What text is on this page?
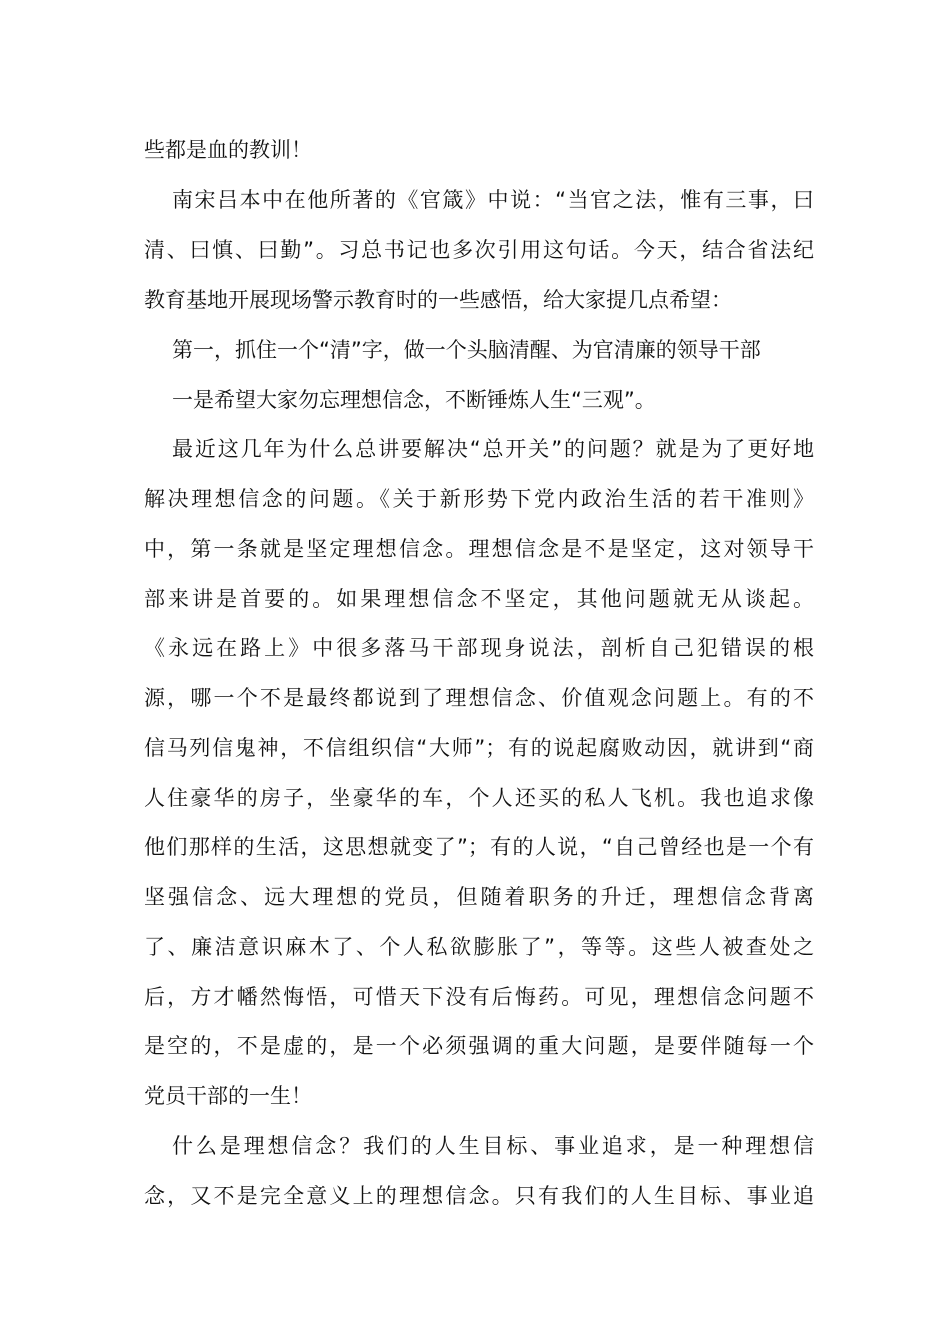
些都是血的教训！
南宋吕本中在他所著的《官箴》中说：“当官之法，惟有三事，曰
清、曰慎、曰勤”。习总书记也多次引用这句话。今天，结合省法纪
教育基地开展现场警示教育时的一些感悟，给大家提几点希望：
第一，抓住一个“清”字，做一个头脑清醒、为官清廉的领导干部
一是希望大家勿忘理想信念，不断锤炼人生“三观”。
最近这几年为什么总讲要解决“总开关”的问题？就是为了更好地
解决理想信念的问题。《关于新形势下党内政治生活的若干准则》
中，第一条就是坚定理想信念。理想信念是不是坚定，这对领导干
部来讲是首要的。如果理想信念不坚定，其他问题就无从谈起。
《永远在路上》中很多落马干部现身说法，剖析自己犯错误的根
源，哪一个不是最终都说到了理想信念、价值观念问题上。有的不
信马列信鬼神，不信组织信“大师”；有的说起腐败动因，就讲到“商
人住豪华的房子，坐豪华的车，个人还买的私人飞机。我也追求像
他们那样的生活，这思想就变了”；有的人说，“自己曾经也是一个有
坚强信念、远大理想的党员，但随着职务的升迁，理想信念背离
了、廉洁意识麻木了、个人私欲膨胀了”，等等。这些人被查处之
后，方才幡然悔悟，可惜天下没有后悔药。可见，理想信念问题不
是空的，不是虚的，是一个必须强调的重大问题，是要伴随每一个
党员干部的一生！
什么是理想信念？我们的人生目标、事业追求，是一种理想信
念，又不是完全意义上的理想信念。只有我们的人生目标、事业追
